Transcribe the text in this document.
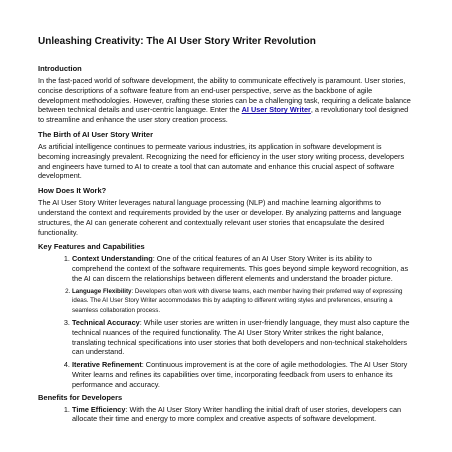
Unleashing Creativity: The AI User Story Writer Revolution
Introduction

In the fast-paced world of software development, the ability to communicate effectively is paramount. User stories, concise descriptions of a software feature from an end-user perspective, serve as the backbone of agile development methodologies. However, crafting these stories can be a challenging task, requiring a delicate balance between technical details and user-centric language. Enter the AI User Story Writer, a revolutionary tool designed to streamline and enhance the user story creation process.

The Birth of AI User Story Writer

As artificial intelligence continues to permeate various industries, its application in software development is becoming increasingly prevalent. Recognizing the need for efficiency in the user story writing process, developers and engineers have turned to AI to create a tool that can automate and enhance this crucial aspect of software development.

How Does It Work?

The AI User Story Writer leverages natural language processing (NLP) and machine learning algorithms to understand the context and requirements provided by the user or developer. By analyzing patterns and language structures, the AI can generate coherent and contextually relevant user stories that encapsulate the desired functionality.

Key Features and Capabilities
1. Context Understanding: One of the critical features of an AI User Story Writer is its ability to comprehend the context of the software requirements. This goes beyond simple keyword recognition, as the AI can discern the relationships between different elements and understand the broader picture.
2. Language Flexibility: Developers often work with diverse teams, each member having their preferred way of expressing ideas. The AI User Story Writer accommodates this by adapting to different writing styles and preferences, ensuring a seamless collaboration process.
3. Technical Accuracy: While user stories are written in user-friendly language, they must also capture the technical nuances of the required functionality. The AI User Story Writer strikes the right balance, translating technical specifications into user stories that both developers and non-technical stakeholders can understand.
4. Iterative Refinement: Continuous improvement is at the core of agile methodologies. The AI User Story Writer learns and refines its capabilities over time, incorporating feedback from users to enhance its performance and accuracy.
Benefits for Developers
1. Time Efficiency: With the AI User Story Writer handling the initial draft of user stories, developers can allocate their time and energy to more complex and creative aspects of software development.
